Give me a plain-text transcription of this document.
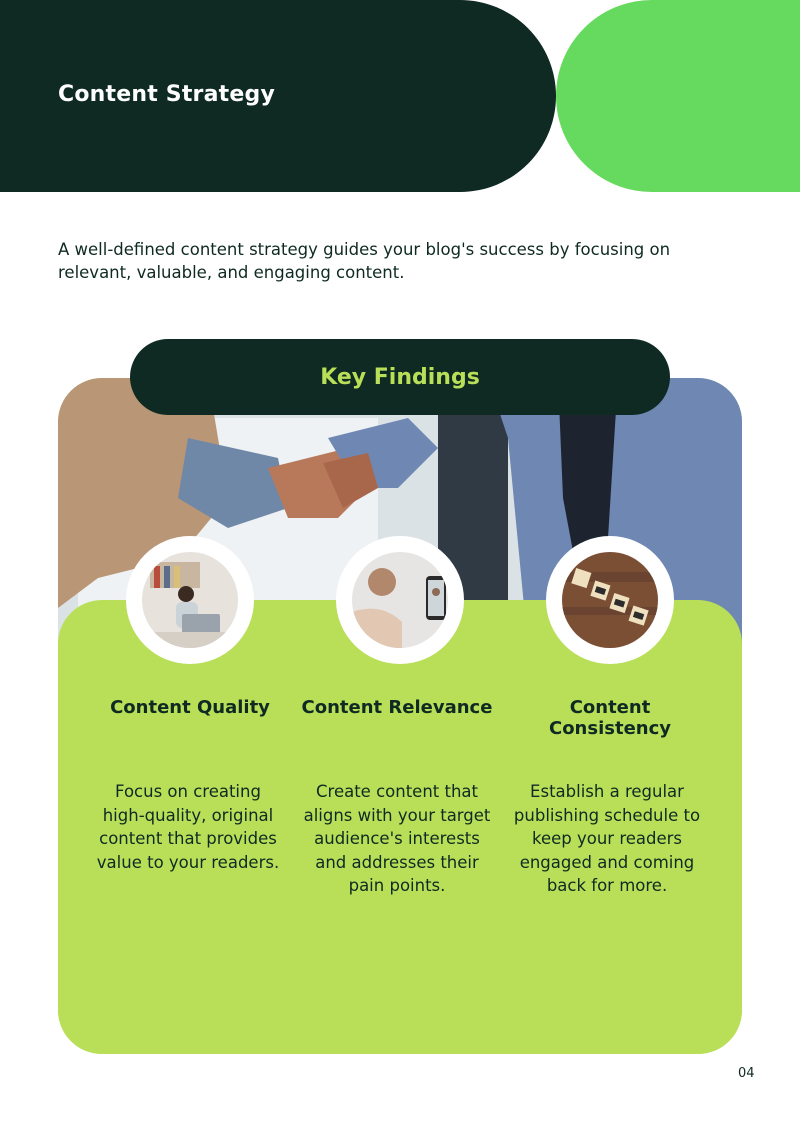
Content Strategy

A well-defined content strategy guides your blog's success by focusing on relevant, valuable, and engaging content.

Key Findings
Content Quality	Content Relevance	Content Consistency

Focus on creating high-quality, original content that provides value to your readers.

Create content that aligns with your target audience's interests and addresses their pain points.

Establish a regular publishing schedule to keep your readers engaged and coming back for more.

04
